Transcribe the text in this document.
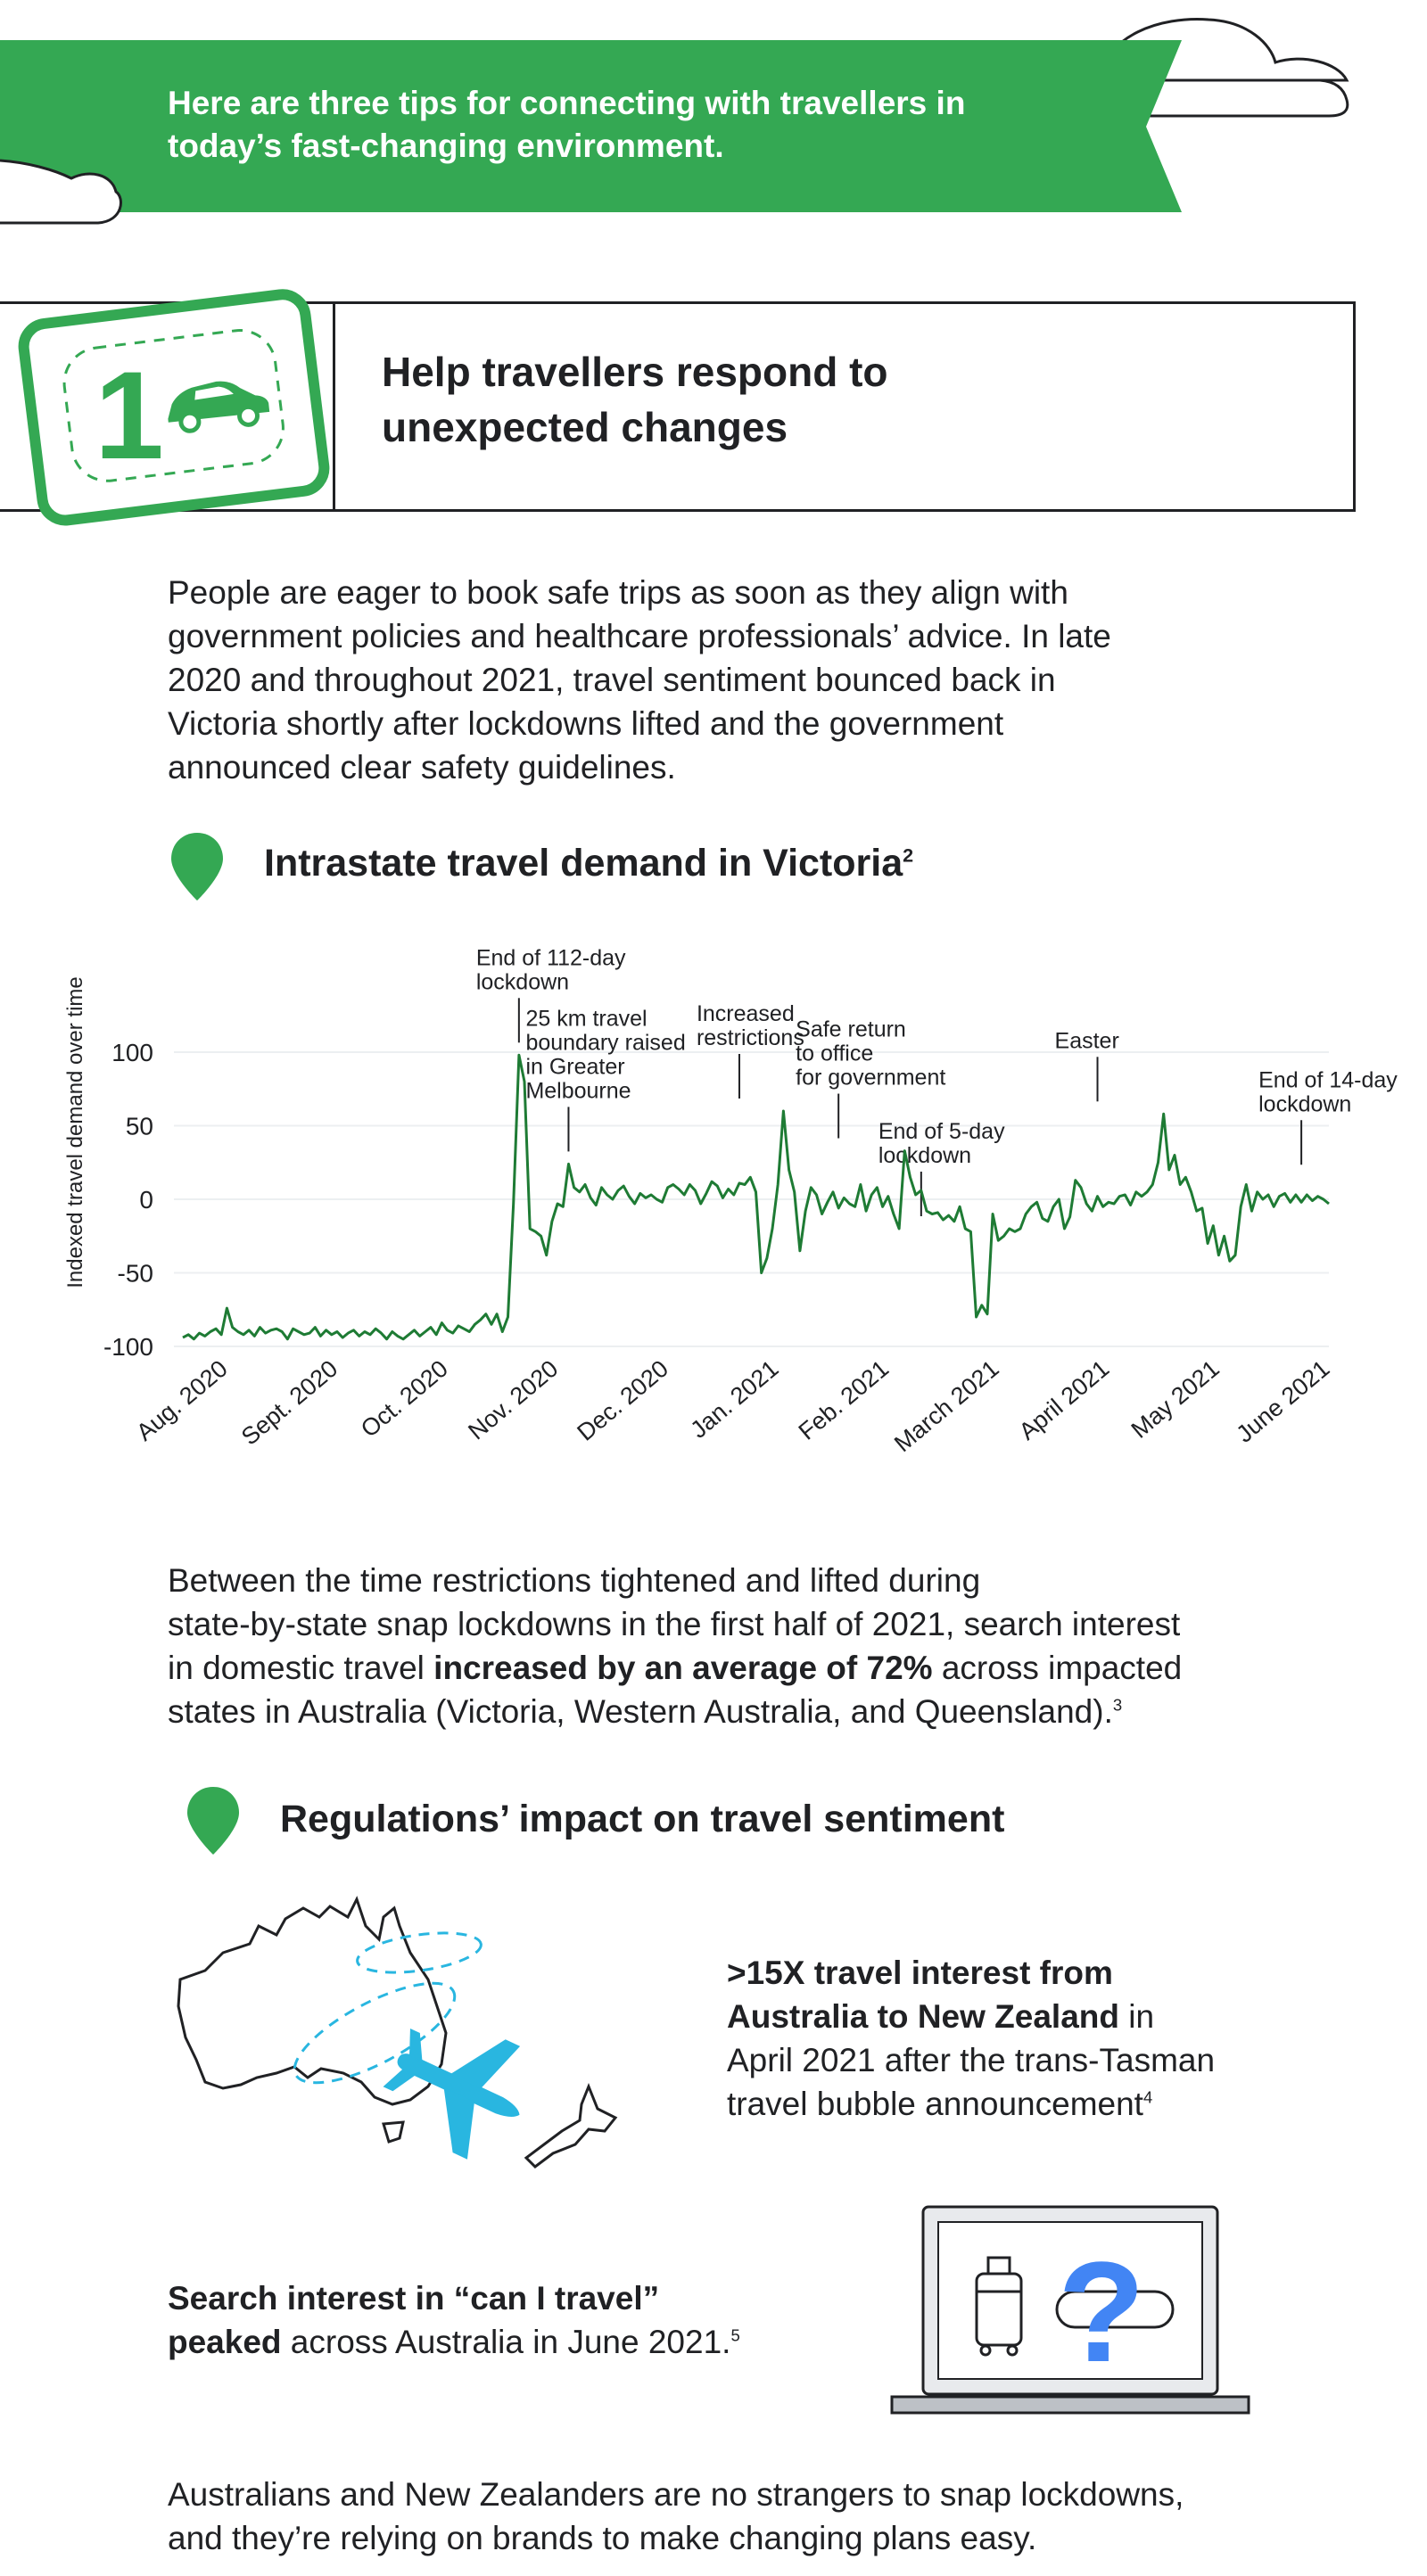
Here are three tips for connecting with travellers in
today’s fast-changing environment.
1	Help travellers respond to
unexpected changes
People are eager to book safe trips as soon as they align with
government policies and healthcare professionals’ advice. In late
2020 and throughout 2021, travel sentiment bounced back in
Victoria shortly after lockdowns lifted and the government
announced clear safety guidelines.
Intrastate travel demand in Victoria$^2$
End of 112-day lockdown
25 km travel boundary raised in Greater Melbourne
Increased restrictions
Safe return to office for government
End of 5-day lockdown
Easter
End of 14-day lockdown
100
50
0
-50
-100
Aug. 2020 Sept. 2020 Oct. 2020 Nov. 2020 Dec. 2020 Jan. 2021 Feb. 2021
March 2021 April 2021 May 2021 June 2021
Indexed travel demand over time
Between the time restrictions tightened and lifted during
state-by-state snap lockdowns in the first half of 2021, search interest
in domestic travel increased by an average of 72% across impacted
states in Australia (Victoria, Western Australia, and Queensland).$^3$
Regulations’ impact on travel sentiment
>15X travel interest from
Australia to New Zealand in
April 2021 after the trans-Tasman
travel bubble announcement$^4$
Search interest in “can I travel”
peaked across Australia in June 2021.$^5$	?
Australians and New Zealanders are no strangers to snap lockdowns,
and they’re relying on brands to make changing plans easy.
